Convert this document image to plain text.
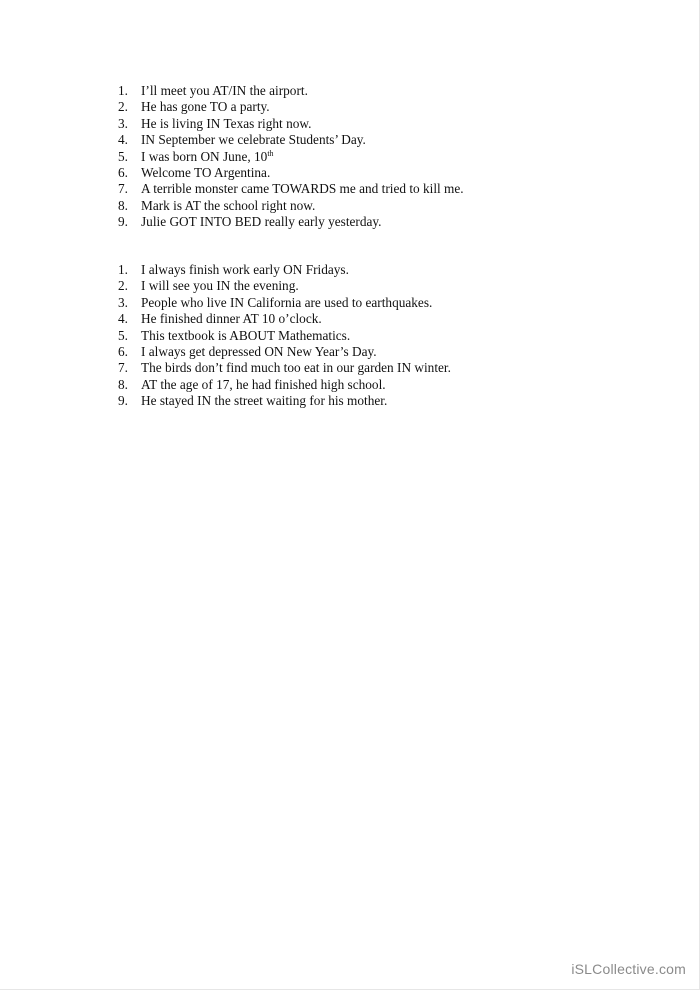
1. I’ll meet you AT/IN the airport.
2. He has gone TO a party.
3. He is living IN Texas right now.
4. IN September we celebrate Students’ Day.
5. I was born ON June, 10th
6. Welcome TO Argentina.
7. A terrible monster came TOWARDS me and tried to kill me.
8. Mark is AT the school right now.
9. Julie GOT INTO BED really early yesterday.
1. I always finish work early ON Fridays.
2. I will see you IN the evening.
3. People who live IN California are used to earthquakes.
4. He finished dinner AT 10 o’clock.
5. This textbook is ABOUT Mathematics.
6. I always get depressed ON New Year’s Day.
7. The birds don’t find much too eat in our garden IN winter.
8. AT the age of 17, he had finished high school.
9. He stayed IN the street waiting for his mother.
iSLCollective.com
